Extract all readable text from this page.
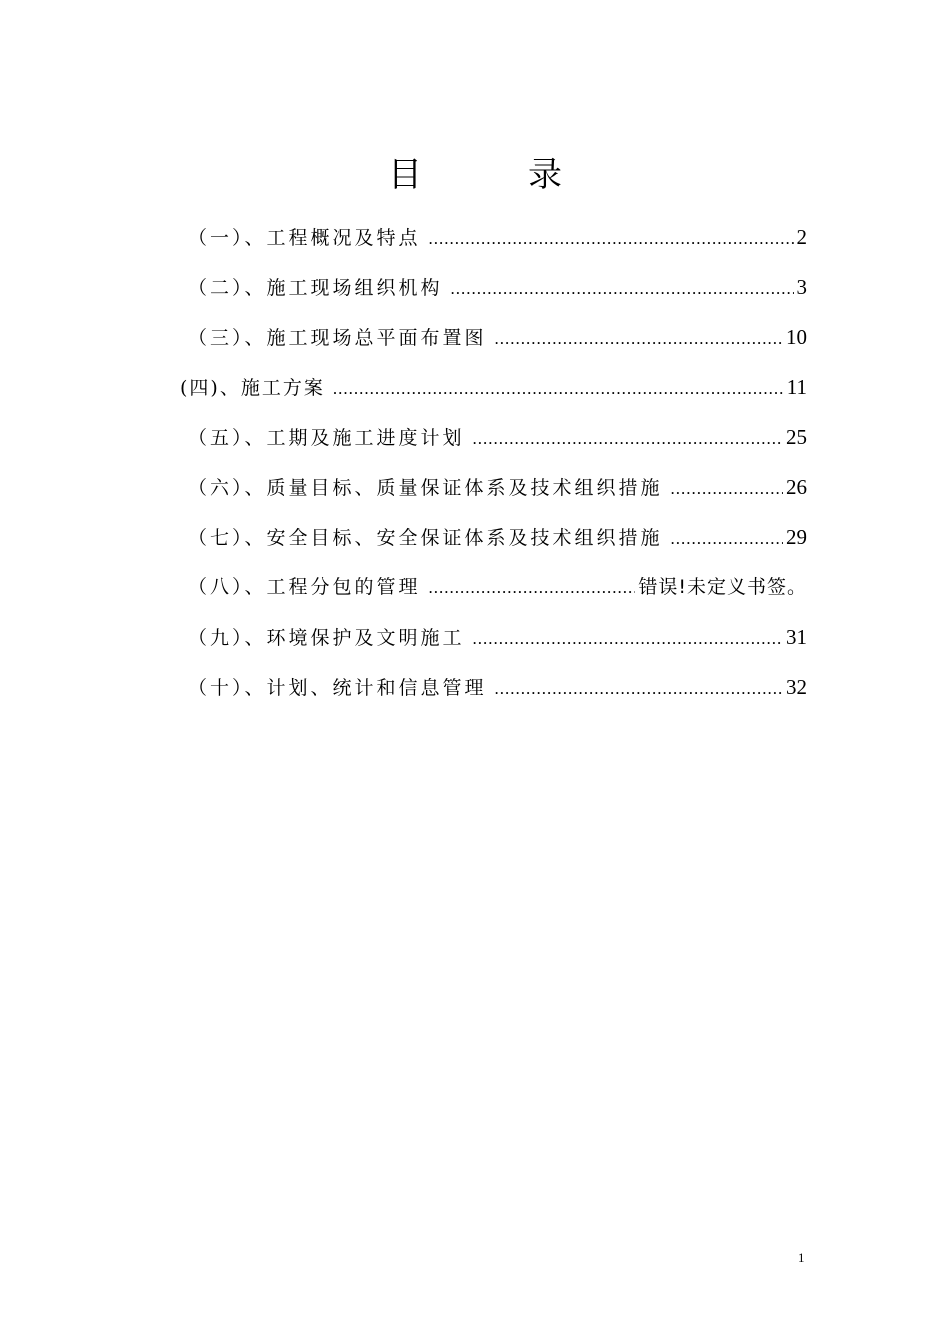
目　录
（一）、工程概况及特点 .....	2
（二）、施工现场组织机构 .....	3
（三）、施工现场总平面布置图 .....	10
(四)、施工方案 .....	11
（五）、工期及施工进度计划 .....	25
（六）、质量目标、质量保证体系及技术组织措施 .....	26
（七）、安全目标、安全保证体系及技术组织措施 .....	29
（八）、工程分包的管理 .....	错误!未定义书签。
（九）、环境保护及文明施工 .....	31
（十）、计划、统计和信息管理 .....	32
1
